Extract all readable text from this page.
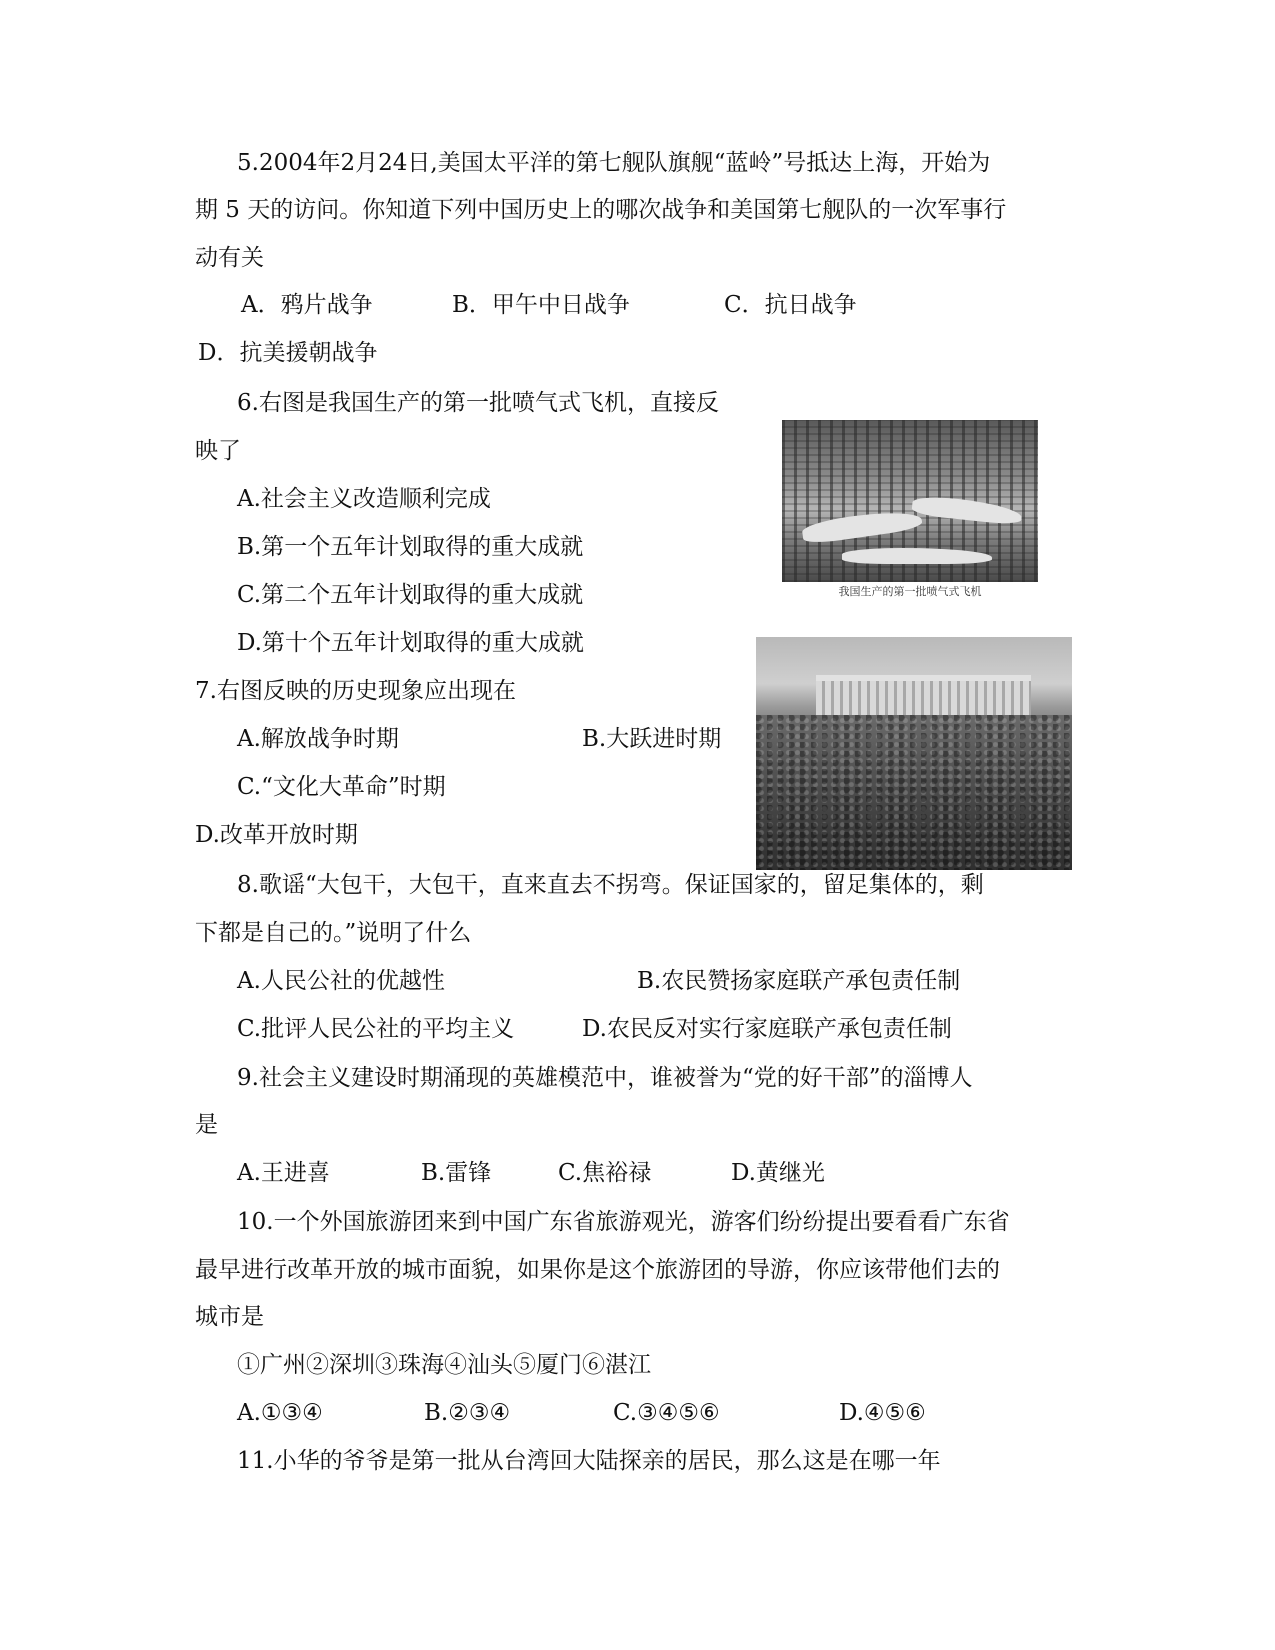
5.2004年2月24日,美国太平洋的第七舰队旗舰“蓝岭”号抵达上海，开始为
期 5 天的访问。你知道下列中国历史上的哪次战争和美国第七舰队的一次军事行
动有关
A．鸦片战争	B．甲午中日战争	C．抗日战争
D．抗美援朝战争
6.右图是我国生产的第一批喷气式飞机，直接反
映了
A.社会主义改造顺利完成
B.第一个五年计划取得的重大成就
C.第二个五年计划取得的重大成就
D.第十个五年计划取得的重大成就
我国生产的第一批喷气式飞机
7.右图反映的历史现象应出现在
A.解放战争时期	B.大跃进时期
C.“文化大革命”时期
D.改革开放时期
8.歌谣“大包干，大包干，直来直去不拐弯。保证国家的，留足集体的，剩
下都是自己的。”说明了什么
A.人民公社的优越性	B.农民赞扬家庭联产承包责任制
C.批评人民公社的平均主义	D.农民反对实行家庭联产承包责任制
9.社会主义建设时期涌现的英雄模范中，谁被誉为“党的好干部”的淄博人
是
A.王进喜	B.雷锋	C.焦裕禄	D.黄继光
10.一个外国旅游团来到中国广东省旅游观光，游客们纷纷提出要看看广东省
最早进行改革开放的城市面貌，如果你是这个旅游团的导游，你应该带他们去的
城市是
①广州②深圳③珠海④汕头⑤厦门⑥湛江
A.①③④	B.②③④	C.③④⑤⑥	D.④⑤⑥
11.小华的爷爷是第一批从台湾回大陆探亲的居民，那么这是在哪一年
